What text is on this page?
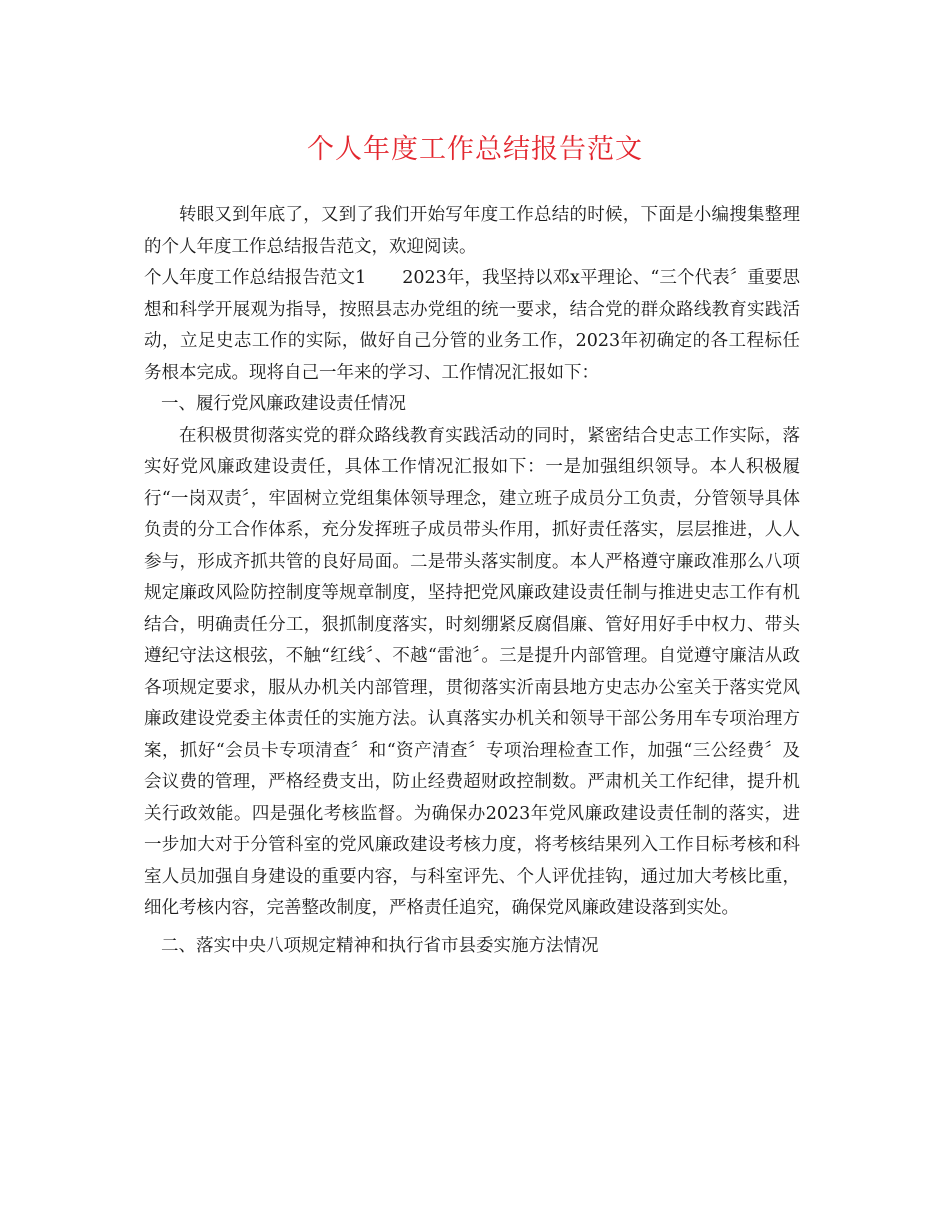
个人年度工作总结报告范文

转眼又到年底了，又到了我们开始写年度工作总结的时候，下面是小编搜集整理的个人年度工作总结报告范文，欢迎阅读。

个人年度工作总结报告范文1 2023年，我坚持以邓x平理论、“三个代表〞重要思想和科学开展观为指导，按照县志办党组的统一要求，结合党的群众路线教育实践活动，立足史志工作的实际，做好自己分管的业务工作，2023年初确定的各工程标任务根本完成。现将自己一年来的学习、工作情况汇报如下：

一、履行党风廉政建设责任情况

在积极贯彻落实党的群众路线教育实践活动的同时，紧密结合史志工作实际，落实好党风廉政建设责任，具体工作情况汇报如下：一是加强组织领导。本人积极履行“一岗双责〞，牢固树立党组集体领导理念，建立班子成员分工负责，分管领导具体负责的分工合作体系，充分发挥班子成员带头作用，抓好责任落实，层层推进，人人参与，形成齐抓共管的良好局面。二是带头落实制度。本人严格遵守廉政准那么八项规定廉政风险防控制度等规章制度，坚持把党风廉政建设责任制与推进史志工作有机结合，明确责任分工，狠抓制度落实，时刻绷紧反腐倡廉、管好用好手中权力、带头遵纪守法这根弦，不触“红线〞、不越“雷池〞。三是提升内部管理。自觉遵守廉洁从政各项规定要求，服从办机关内部管理，贯彻落实沂南县地方史志办公室关于落实党风廉政建设党委主体责任的实施方法。认真落实办机关和领导干部公务用车专项治理方案，抓好“会员卡专项清查〞和“资产清查〞专项治理检查工作，加强“三公经费〞及会议费的管理，严格经费支出，防止经费超财政控制数。严肃机关工作纪律，提升机关行政效能。四是强化考核监督。为确保办2023年党风廉政建设责任制的落实，进一步加大对于分管科室的党风廉政建设考核力度，将考核结果列入工作目标考核和科室人员加强自身建设的重要内容，与科室评先、个人评优挂钩，通过加大考核比重，细化考核内容，完善整改制度，严格责任追究，确保党风廉政建设落到实处。

二、落实中央八项规定精神和执行省市县委实施方法情况
